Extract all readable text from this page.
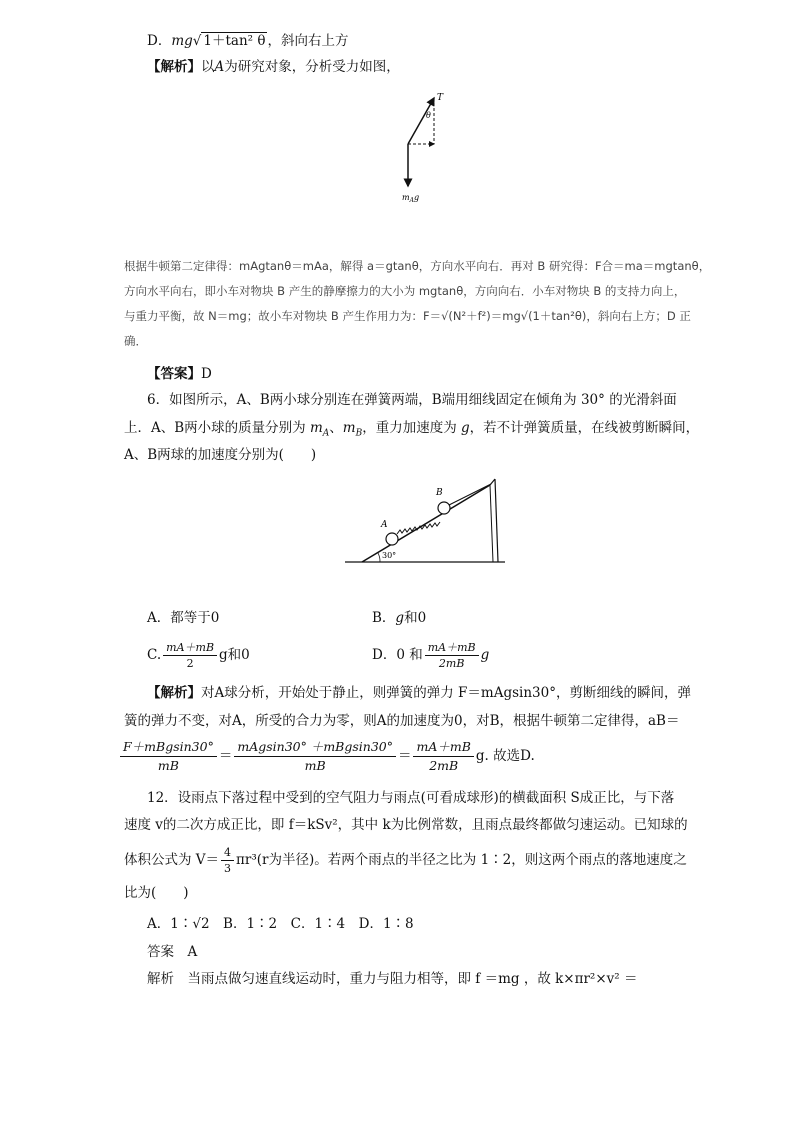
D．mg√ 1＋tan² θ ，斜向右上方
【解析】以A为研究对象，分析受力如图，
T
θ
$m_Ag$
根据牛顿第二定律得：mAgtanθ＝mAa，解得 a＝gtanθ，方向水平向右．再对 B 研究得：F合＝ma＝mgtanθ，
方向水平向右，即小车对物块 B 产生的静摩擦力的大小为 mgtanθ，方向向右．小车对物块 B 的支持力向上，
与重力平衡，故 N＝mg；故小车对物块 B 产生作用力为：F＝√(N²＋f²)＝mg√(1＋tan²θ)，斜向右上方；D 正
确．
【答案】D
6．如图所示，A、B两小球分别连在弹簧两端，B端用细线固定在倾角为 30° 的光滑斜面
上．A、B两小球的质量分别为 $m_A$、$m_B$，重力加速度为 g，若不计弹簧质量，在线被剪断瞬间，
A、B两球的加速度分别为(　　)
A
B
30°
A．都等于0	B．g和0
C. $\frac{mA+mB}{2}$ g和0	D．0 和 $\frac{mA+mB}{2mB}$ g
【解析】对A球分析，开始处于静止，则弹簧的弹力 F＝mAgsin30°，剪断细线的瞬间，弹
簧的弹力不变，对A，所受的合力为零，则A的加速度为0，对B，根据牛顿第二定律得，aB＝
$\frac{\text{F＋mBgsin30°}}{mB} = \frac{\text{mAgsin30° ＋mBgsin30°}}{mB} = \frac{mA+mB}{2mB} g$. 故选D.
12．设雨点下落过程中受到的空气阻力与雨点(可看成球形)的横截面积 S成正比，与下落
速度 v的二次方成正比，即 f＝kSv²，其中 k为比例常数，且雨点最终都做匀速运动。已知球的
体积公式为 $V= \frac{4}{3} \pi r^3(r$为半径)。若两个雨点的半径之比为 1∶2，则这两个雨点的落地速度之
比为(　　)
A．1∶√2　B．1∶2　C．1∶4　D．1∶8
答案　A
解析　当雨点做匀速直线运动时，重力与阻力相等，即 f ＝mg ，故 k×πr²×v² ＝
